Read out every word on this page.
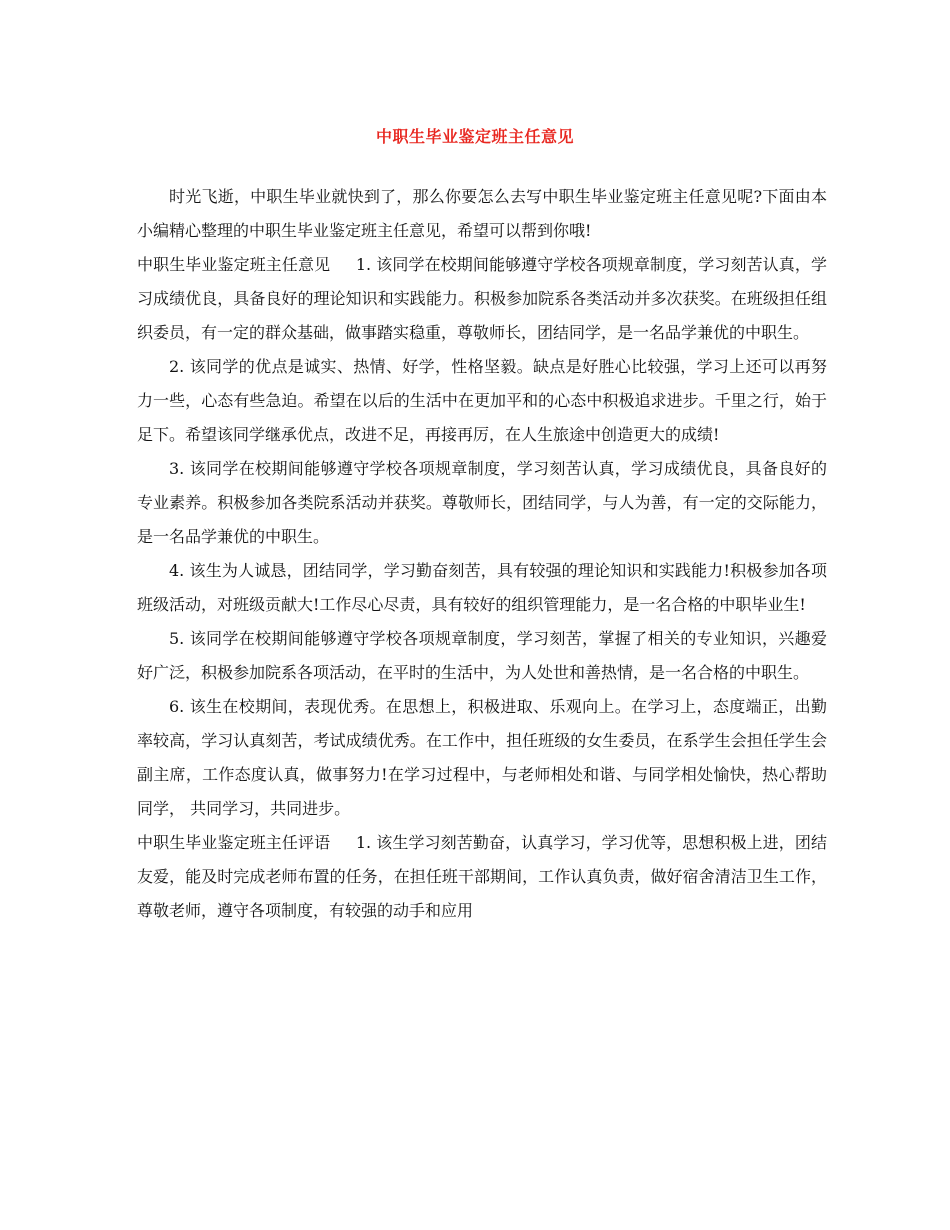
中职生毕业鉴定班主任意见

时光飞逝，中职生毕业就快到了，那么你要怎么去写中职生毕业鉴定班主任意见呢?下面由本小编精心整理的中职生毕业鉴定班主任意见，希望可以帮到你哦!

中职生毕业鉴定班主任意见 1. 该同学在校期间能够遵守学校各项规章制度，学习刻苦认真，学习成绩优良，具备良好的理论知识和实践能力。积极参加院系各类活动并多次获奖。在班级担任组织委员，有一定的群众基础，做事踏实稳重，尊敬师长，团结同学，是一名品学兼优的中职生。

2. 该同学的优点是诚实、热情、好学，性格坚毅。缺点是好胜心比较强，学习上还可以再努力一些，心态有些急迫。希望在以后的生活中在更加平和的心态中积极追求进步。千里之行，始于足下。希望该同学继承优点，改进不足，再接再厉，在人生旅途中创造更大的成绩!

3. 该同学在校期间能够遵守学校各项规章制度，学习刻苦认真，学习成绩优良，具备良好的专业素养。积极参加各类院系活动并获奖。尊敬师长，团结同学，与人为善，有一定的交际能力，是一名品学兼优的中职生。

4. 该生为人诚恳，团结同学，学习勤奋刻苦，具有较强的理论知识和实践能力!积极参加各项班级活动，对班级贡献大!工作尽心尽责，具有较好的组织管理能力，是一名合格的中职毕业生!

5. 该同学在校期间能够遵守学校各项规章制度，学习刻苦，掌握了相关的专业知识，兴趣爱好广泛，积极参加院系各项活动，在平时的生活中，为人处世和善热情，是一名合格的中职生。

6. 该生在校期间，表现优秀。在思想上，积极进取、乐观向上。在学习上，态度端正，出勤率较高，学习认真刻苦，考试成绩优秀。在工作中，担任班级的女生委员，在系学生会担任学生会副主席，工作态度认真，做事努力!在学习过程中，与老师相处和谐、与同学相处愉快，热心帮助同学， 共同学习，共同进步。

中职生毕业鉴定班主任评语 1. 该生学习刻苦勤奋，认真学习，学习优等，思想积极上进，团结友爱，能及时完成老师布置的任务，在担任班干部期间，工作认真负责，做好宿舍清洁卫生工作，尊敬老师，遵守各项制度，有较强的动手和应用
